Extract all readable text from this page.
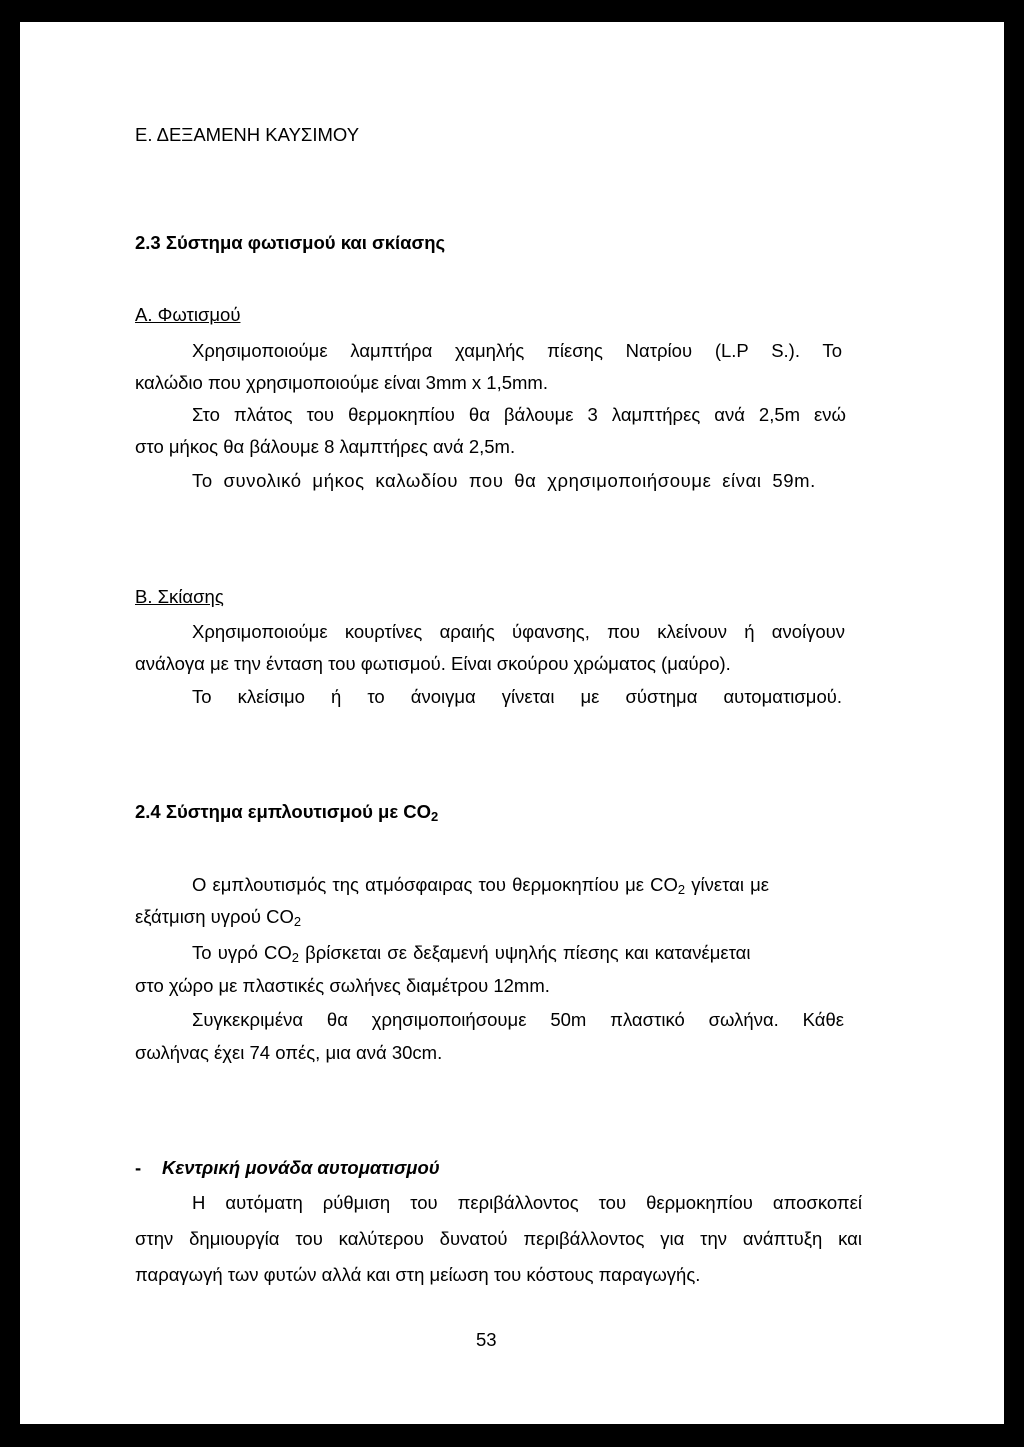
Ε. ΔΕΞΑΜΕΝΗ ΚΑΥΣΙΜΟΥ
2.3 Σύστημα φωτισμού και σκίασης
Α. Φωτισμού
Χρησιμοποιούμε λαμπτήρα χαμηλής πίεσης Νατρίου (L.P S.). Το
καλώδιο που χρησιμοποιούμε είναι 3mm x 1,5mm.
Στο πλάτος του θερμοκηπίου θα βάλουμε 3 λαμπτήρες ανά 2,5m ενώ
στο μήκος θα βάλουμε 8 λαμπτήρες ανά 2,5m.
Το συνολικό μήκος καλωδίου που θα χρησιμοποιήσουμε είναι 59m.
Β. Σκίασης
Χρησιμοποιούμε κουρτίνες αραιής ύφανσης, που κλείνουν ή ανοίγουν
ανάλογα με την ένταση του φωτισμού. Είναι σκούρου χρώματος (μαύρο).
Το κλείσιμο ή το άνοιγμα γίνεται με σύστημα αυτοματισμού.
2.4 Σύστημα εμπλουτισμού με $CO_2$
Ο εμπλουτισμός της ατμόσφαιρας του θερμοκηπίου με $CO_2$ γίνεται με
εξάτμιση υγρού $CO_2$
Το υγρό $CO_2$ βρίσκεται σε δεξαμενή υψηλής πίεσης και κατανέμεται
στο χώρο με πλαστικές σωλήνες διαμέτρου 12mm.
Συγκεκριμένα θα χρησιμοποιήσουμε 50m πλαστικό σωλήνα. Κάθε
σωλήνας έχει 74 οπές, μια ανά 30cm.
- Κεντρική μονάδα αυτοματισμού
Η αυτόματη ρύθμιση του περιβάλλοντος του θερμοκηπίου αποσκοπεί
στην δημιουργία του καλύτερου δυνατού περιβάλλοντος για την ανάπτυξη και
παραγωγή των φυτών αλλά και στη μείωση του κόστους παραγωγής.
53
